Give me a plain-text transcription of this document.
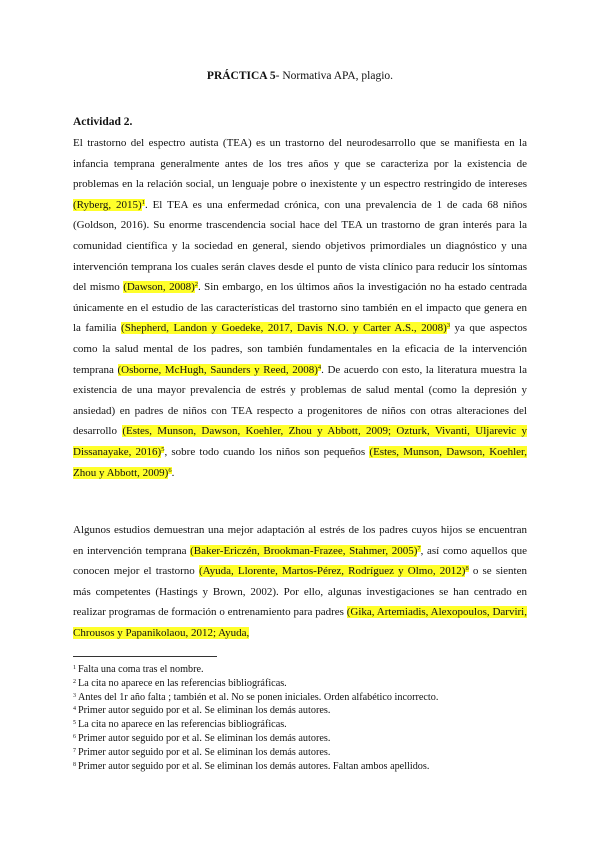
PRÁCTICA 5- Normativa APA, plagio.
Actividad 2.
El trastorno del espectro autista (TEA) es un trastorno del neurodesarrollo que se manifiesta en la infancia temprana generalmente antes de los tres años y que se caracteriza por la existencia de problemas en la relación social, un lenguaje pobre o inexistente y un espectro restringido de intereses (Ryberg, 2015)$^1$. El TEA es una enfermedad crónica, con una prevalencia de 1 de cada 68 niños (Goldson, 2016). Su enorme trascendencia social hace del TEA un trastorno de gran interés para la comunidad científica y la sociedad en general, siendo objetivos primordiales un diagnóstico y una intervención temprana los cuales serán claves desde el punto de vista clínico para reducir los síntomas del mismo (Dawson, 2008)$^2$. Sin embargo, en los últimos años la investigación no ha estado centrada únicamente en el estudio de las características del trastorno sino también en el impacto que genera en la familia (Shepherd, Landon y Goedeke, 2017, Davis N.O. y Carter A.S., 2008)$^3$ ya que aspectos como la salud mental de los padres, son también fundamentales en la eficacia de la intervención temprana (Osborne, McHugh, Saunders y Reed, 2008)$^4$. De acuerdo con esto, la literatura muestra la existencia de una mayor prevalencia de estrés y problemas de salud mental (como la depresión y ansiedad) en padres de niños con TEA respecto a progenitores de niños con otras alteraciones del desarrollo (Estes, Munson, Dawson, Koehler, Zhou y Abbott, 2009; Ozturk, Vivanti, Uljarevic y Dissanayake, 2016)$^5$, sobre todo cuando los niños son pequeños (Estes, Munson, Dawson, Koehler, Zhou y Abbott, 2009)$^6$.
Algunos estudios demuestran una mejor adaptación al estrés de los padres cuyos hijos se encuentran en intervención temprana (Baker-Ericzén, Brookman-Frazee, Stahmer, 2005)$^7$, así como aquellos que conocen mejor el trastorno (Ayuda, Llorente, Martos-Pérez, Rodríguez y Olmo, 2012)$^8$ o se sienten más competentes (Hastings y Brown, 2002). Por ello, algunas investigaciones se han centrado en realizar programas de formación o entrenamiento para padres (Gika, Artemiadis, Alexopoulos, Darviri, Chrousos y Papanikolaou, 2012; Ayuda,
$^1$ Falta una coma tras el nombre.
$^2$ La cita no aparece en las referencias bibliográficas.
$^3$ Antes del 1r año falta ; también et al. No se ponen iniciales. Orden alfabético incorrecto.
$^4$ Primer autor seguido por et al. Se eliminan los demás autores.
$^5$ La cita no aparece en las referencias bibliográficas.
$^6$ Primer autor seguido por et al. Se eliminan los demás autores.
$^7$ Primer autor seguido por et al. Se eliminan los demás autores.
$^8$ Primer autor seguido por et al. Se eliminan los demás autores. Faltan ambos apellidos.
